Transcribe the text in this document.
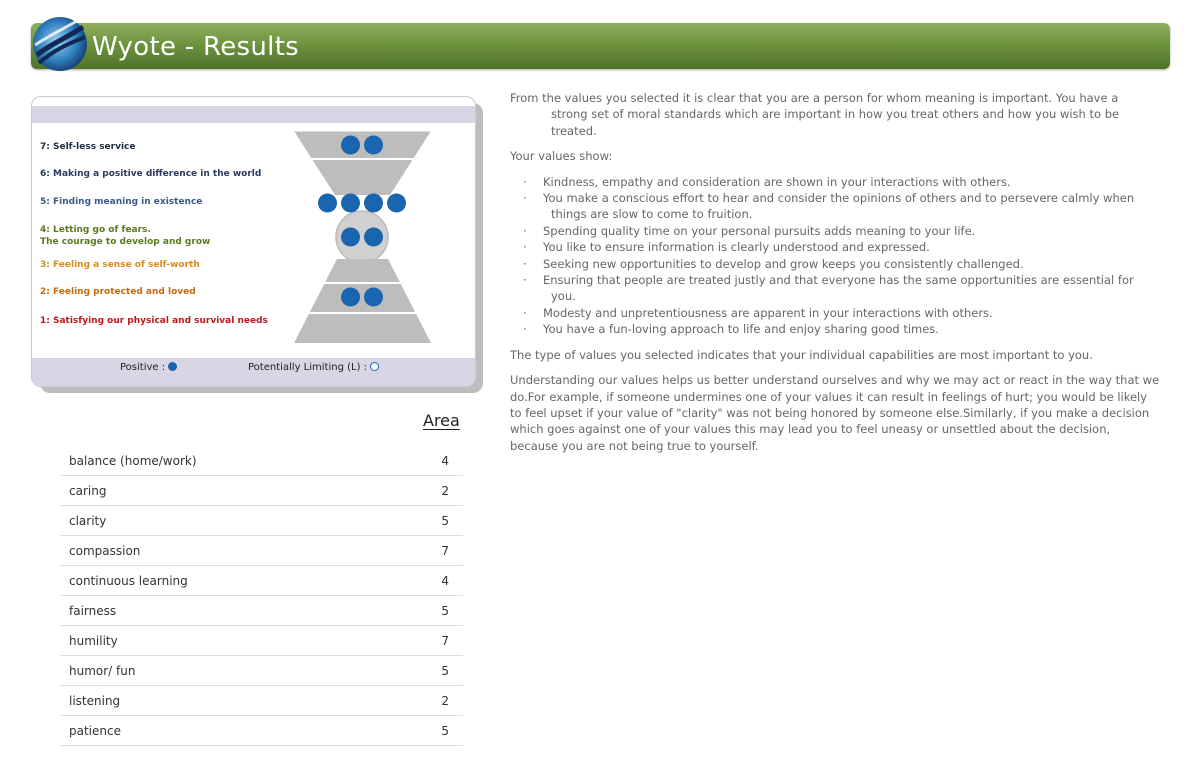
Wyote - Results
7: Self-less service
6: Making a positive difference in the world
5: Finding meaning in existence
4: Letting go of fears.
The courage to develop and grow
3: Feeling a sense of self-worth
2: Feeling protected and loved
1: Satisfying our physical and survival needs
Positive :	Potentially Limiting (L) :
Area
balance (home/work)	4
caring	2
clarity	5
compassion	7
continuous learning	4
fairness	5
humility	7
humor/ fun	5
listening	2
patience	5

From the values you selected it is clear that you are a person for whom meaning is important. You have a

strong set of moral standards which are important in how you treat others and how you wish to be

treated.

Your values show:

· Kindness, empathy and consideration are shown in your interactions with others.
· You make a conscious effort to hear and consider the opinions of others and to persevere calmly when
things are slow to come to fruition.
· Spending quality time on your personal pursuits adds meaning to your life.
· You like to ensure information is clearly understood and expressed.
· Seeking new opportunities to develop and grow keeps you consistently challenged.
· Ensuring that people are treated justly and that everyone has the same opportunities are essential for
you.
· Modesty and unpretentiousness are apparent in your interactions with others.
· You have a fun-loving approach to life and enjoy sharing good times.

The type of values you selected indicates that your individual capabilities are most important to you.

Understanding our values helps us better understand ourselves and why we may act or react in the way that we do.For example, if someone undermines one of your values it can result in feelings of hurt; you would be likely to feel upset if your value of "clarity" was not being honored by someone else.Similarly, if you make a decision which goes against one of your values this may lead you to feel uneasy or unsettled about the decision, because you are not being true to yourself.
